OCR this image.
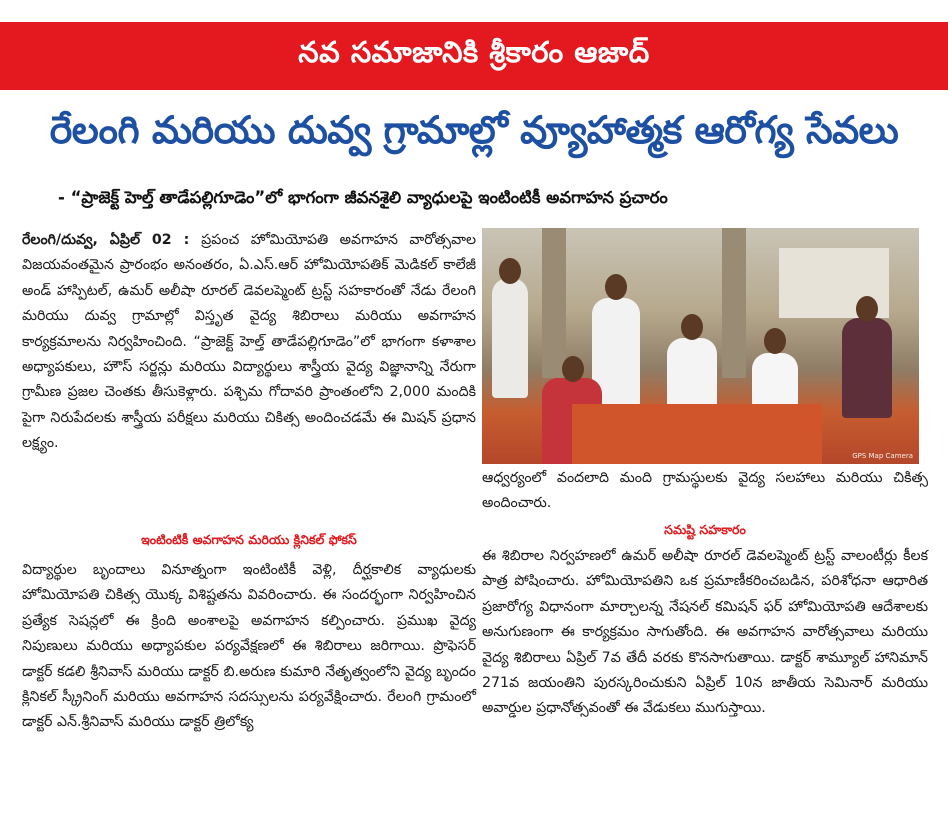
నవ సమాజానికి శ్రీకారం ఆజాద్
రేలంగి మరియు దువ్వ గ్రామాల్లో వ్యూహాత్మక ఆరోగ్య సేవలు
- “ప్రాజెక్ట్ హెల్త్ తాడేపల్లిగూడెం”లో భాగంగా జీవనశైలి వ్యాధులపై ఇంటింటికీ అవగాహన ప్రచారం
రేలంగి/దువ్వ, ఏప్రిల్ 02 : ప్రపంచ హోమియోపతి అవగాహన వారోత్సవాల విజయవంతమైన ప్రారంభం అనంతరం, ఏ.ఎస్.ఆర్ హోమియోపతిక్ మెడికల్ కాలేజీ అండ్ హాస్పిటల్, ఉమర్ అలీషా రూరల్ డెవలప్మెంట్ ట్రస్ట్ సహకారంతో నేడు రేలంగి మరియు దువ్వ గ్రామాల్లో విస్తృత వైద్య శిబిరాలు మరియు అవగాహన కార్యక్రమాలను నిర్వహించింది. “ప్రాజెక్ట్ హెల్త్ తాడేపల్లిగూడెం”లో భాగంగా కళాశాల అధ్యాపకులు, హౌస్ సర్జన్లు మరియు విద్యార్థులు శాస్త్రీయ వైద్య విజ్ఞానాన్ని నేరుగా గ్రామీణ ప్రజల చెంతకు తీసుకెళ్లారు. పశ్చిమ గోదావరి ప్రాంతంలోని 2,000 మందికి పైగా నిరుపేదలకు శాస్త్రీయ పరీక్షలు మరియు చికిత్స అందించడమే ఈ మిషన్ ప్రధాన లక్ష్యం.
ఇంటింటికీ అవగాహన మరియు క్లినికల్ ఫోకస్
విద్యార్థుల బృందాలు వినూత్నంగా ఇంటింటికీ వెళ్లి, దీర్ఘకాలిక వ్యాధులకు హోమియోపతి చికిత్స యొక్క విశిష్టతను వివరించారు. ఈ సందర్భంగా నిర్వహించిన ప్రత్యేక సెషన్లలో ఈ క్రింది అంశాలపై అవగాహన కల్పించారు. ప్రముఖ వైద్య నిపుణులు మరియు అధ్యాపకుల పర్యవేక్షణలో ఈ శిబిరాలు జరిగాయి. ప్రొఫెసర్ డాక్టర్ కడలి శ్రీనివాస్ మరియు డాక్టర్ బి.అరుణ కుమారి నేతృత్వంలోని వైద్య బృందం క్లినికల్ స్క్రీనింగ్ మరియు అవగాహన సదస్సులను పర్యవేక్షించారు. రేలంగి గ్రామంలో డాక్టర్ ఎన్.శ్రీనివాస్ మరియు డాక్టర్ త్రిలోక్య
GPS Map Camera
ఆధ్వర్యంలో వందలాది మంది గ్రామస్థులకు వైద్య సలహాలు మరియు చికిత్స అందించారు.
సమష్టి సహకారం
ఈ శిబిరాల నిర్వహణలో ఉమర్ అలీషా రూరల్ డెవలప్మెంట్ ట్రస్ట్ వాలంటీర్లు కీలక పాత్ర పోషించారు. హోమియోపతిని ఒక ప్రమాణీకరించబడిన, పరిశోధనా ఆధారిత ప్రజారోగ్య విధానంగా మార్చాలన్న నేషనల్ కమిషన్ ఫర్ హోమియోపతి ఆదేశాలకు అనుగుణంగా ఈ కార్యక్రమం సాగుతోంది. ఈ అవగాహన వారోత్సవాలు మరియు వైద్య శిబిరాలు ఏప్రిల్ 7వ తేదీ వరకు కొనసాగుతాయి. డాక్టర్ శామ్యూల్ హానిమాన్ 271వ జయంతిని పురస్కరించుకుని ఏప్రిల్ 10న జాతీయ సెమినార్ మరియు అవార్డుల ప్రధానోత్సవంతో ఈ వేడుకలు ముగుస్తాయి.
